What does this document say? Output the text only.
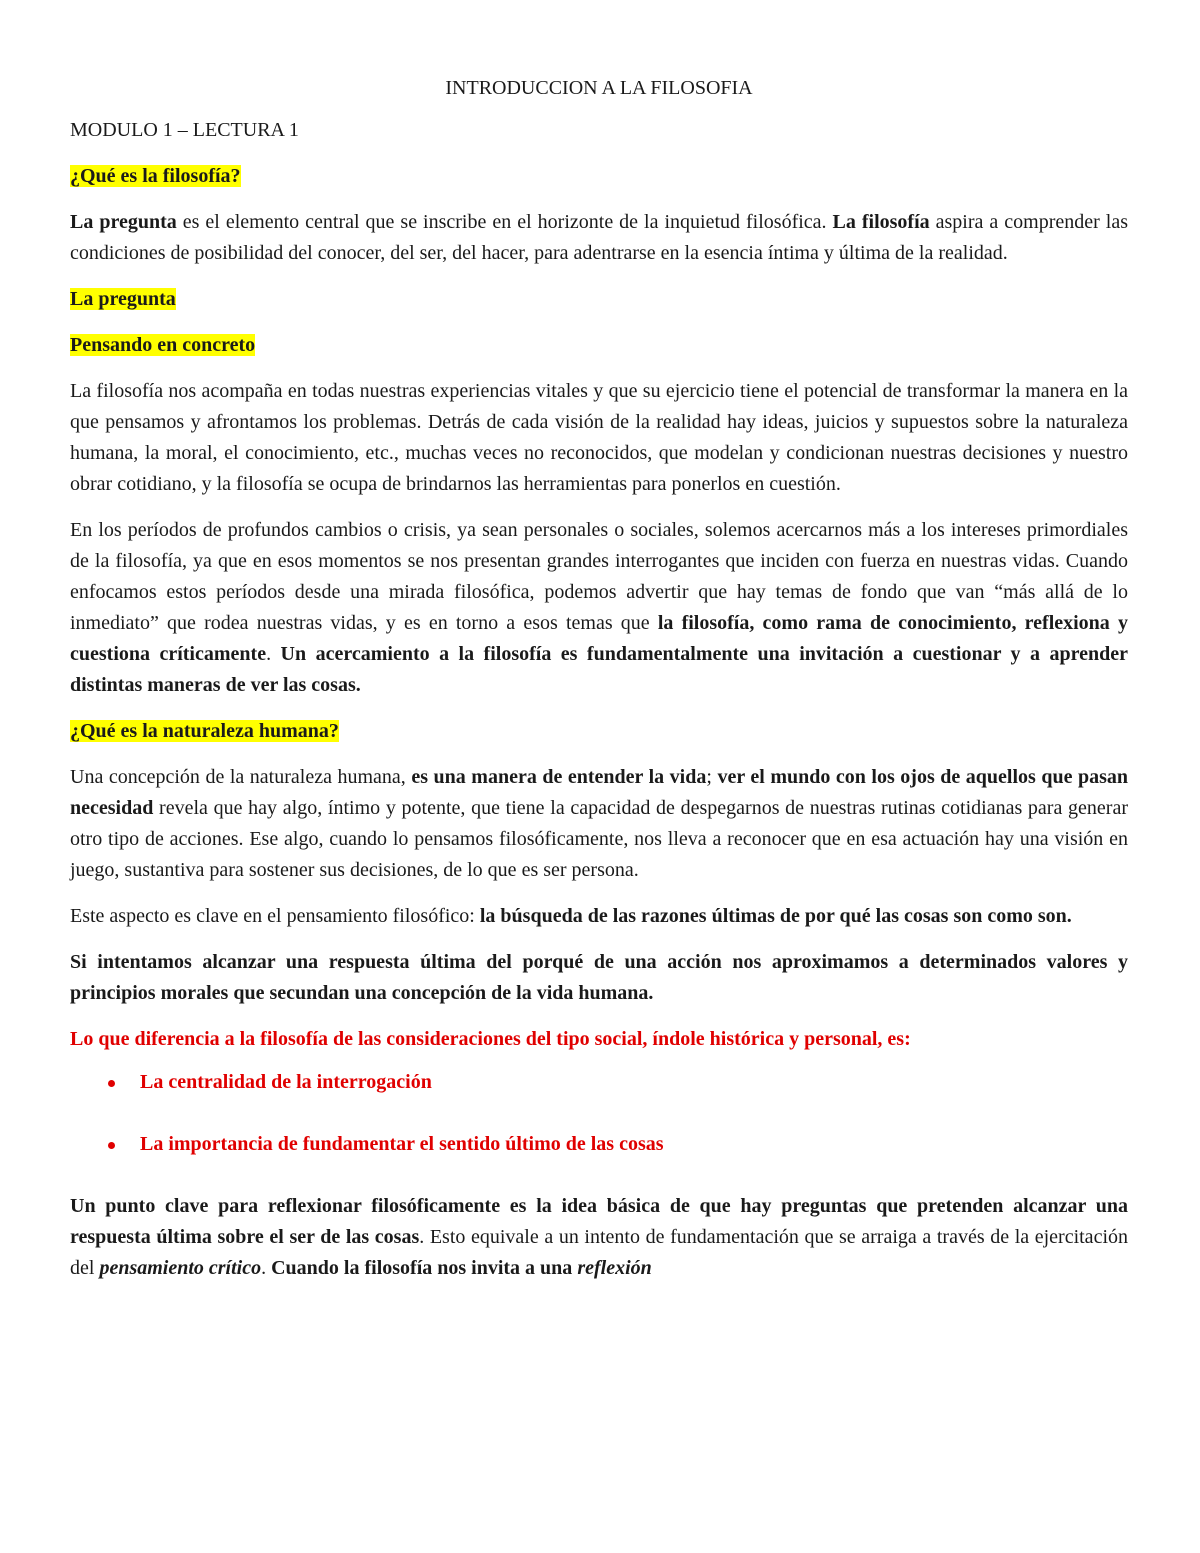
INTRODUCCION A LA FILOSOFIA
MODULO 1 – LECTURA 1
¿Qué es la filosofía?
La pregunta es el elemento central que se inscribe en el horizonte de la inquietud filosófica. La filosofía aspira a comprender las condiciones de posibilidad del conocer, del ser, del hacer, para adentrarse en la esencia íntima y última de la realidad.
La pregunta
Pensando en concreto
La filosofía nos acompaña en todas nuestras experiencias vitales y que su ejercicio tiene el potencial de transformar la manera en la que pensamos y afrontamos los problemas. Detrás de cada visión de la realidad hay ideas, juicios y supuestos sobre la naturaleza humana, la moral, el conocimiento, etc., muchas veces no reconocidos, que modelan y condicionan nuestras decisiones y nuestro obrar cotidiano, y la filosofía se ocupa de brindarnos las herramientas para ponerlos en cuestión.
En los períodos de profundos cambios o crisis, ya sean personales o sociales, solemos acercarnos más a los intereses primordiales de la filosofía, ya que en esos momentos se nos presentan grandes interrogantes que inciden con fuerza en nuestras vidas. Cuando enfocamos estos períodos desde una mirada filosófica, podemos advertir que hay temas de fondo que van “más allá de lo inmediato” que rodea nuestras vidas, y es en torno a esos temas que la filosofía, como rama de conocimiento, reflexiona y cuestiona críticamente. Un acercamiento a la filosofía es fundamentalmente una invitación a cuestionar y a aprender distintas maneras de ver las cosas.
¿Qué es la naturaleza humana?
Una concepción de la naturaleza humana, es una manera de entender la vida; ver el mundo con los ojos de aquellos que pasan necesidad revela que hay algo, íntimo y potente, que tiene la capacidad de despegarnos de nuestras rutinas cotidianas para generar otro tipo de acciones. Ese algo, cuando lo pensamos filosóficamente, nos lleva a reconocer que en esa actuación hay una visión en juego, sustantiva para sostener sus decisiones, de lo que es ser persona.
Este aspecto es clave en el pensamiento filosófico: la búsqueda de las razones últimas de por qué las cosas son como son.
Si intentamos alcanzar una respuesta última del porqué de una acción nos aproximamos a determinados valores y principios morales que secundan una concepción de la vida humana.
Lo que diferencia a la filosofía de las consideraciones del tipo social, índole histórica y personal, es:
La centralidad de la interrogación
La importancia de fundamentar el sentido último de las cosas
Un punto clave para reflexionar filosóficamente es la idea básica de que hay preguntas que pretenden alcanzar una respuesta última sobre el ser de las cosas. Esto equivale a un intento de fundamentación que se arraiga a través de la ejercitación del pensamiento crítico. Cuando la filosofía nos invita a una reflexión
